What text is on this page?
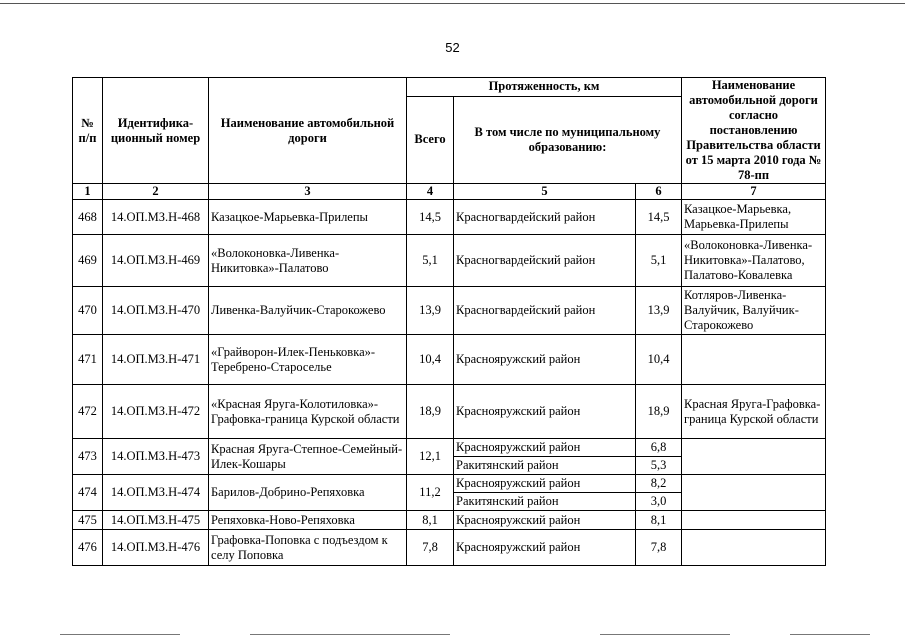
52
№ п/п	Идентифика-ционный номер	Наименование автомобильной дороги	Протяженность, км			Наименование автомобильной дороги согласно постановлению Правительства области от 15 марта 2010 года № 78-пп
			Всего	В том числе по муниципальному образованию:		
1	2	3	4	5	6	7
468	14.ОП.МЗ.Н-468	Казацкое-Марьевка-Прилепы	14,5	Красногвардейский район	14,5	Казацкое-Марьевка, Марьевка-Прилепы
469	14.ОП.МЗ.Н-469	«Волоконовка-Ливенка-Никитовка»-Палатово	5,1	Красногвардейский район	5,1	«Волоконовка-Ливенка-Никитовка»-Палатово, Палатово-Ковалевка
470	14.ОП.МЗ.Н-470	Ливенка-Валуйчик-Старокожево	13,9	Красногвардейский район	13,9	Котляров-Ливенка-Валуйчик, Валуйчик-Старокожево
471	14.ОП.МЗ.Н-471	«Грайворон-Илек-Пеньковка»-Теребрено-Староселье	10,4	Краснояружский район	10,4	
472	14.ОП.МЗ.Н-472	«Красная Яруга-Колотиловка»-Графовка-граница Курской области	18,9	Краснояружский район	18,9	Красная Яруга-Графовка-граница Курской области
473	14.ОП.МЗ.Н-473	Красная Яруга-Степное-Семейный-Илек-Кошары	12,1	Краснояружский район	6,8	
				Ракитянский район	5,3	
474	14.ОП.МЗ.Н-474	Барилов-Добрино-Репяховка	11,2	Краснояружский район	8,2	
				Ракитянский район	3,0	
475	14.ОП.МЗ.Н-475	Репяховка-Ново-Репяховка	8,1	Краснояружский район	8,1	
476	14.ОП.МЗ.Н-476	Графовка-Поповка с подъездом к селу Поповка	7,8	Краснояружский район	7,8	
